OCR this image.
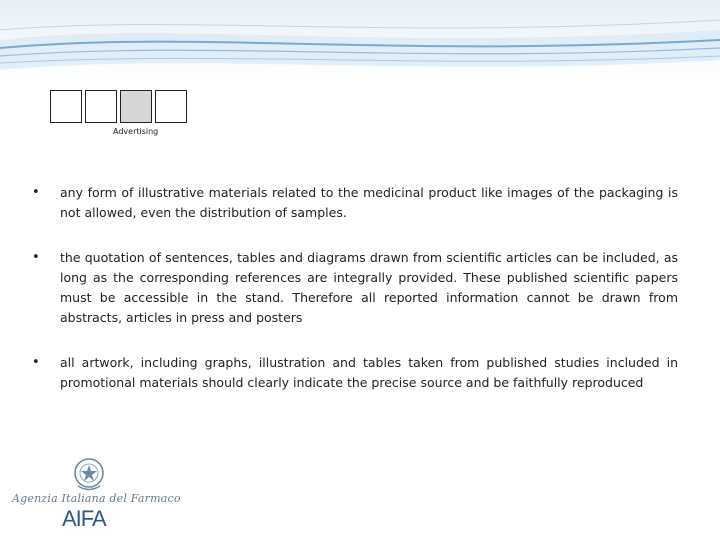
Advertising
• any form of illustrative materials related to the medicinal product like images of the packaging is not allowed, even the distribution of samples.
• the quotation of sentences, tables and diagrams drawn from scientific articles can be included, as long as the corresponding references are integrally provided. These published scientific papers must be accessible in the stand. Therefore all reported information cannot be drawn from abstracts, articles in press and posters
• all artwork, including graphs, illustration and tables taken from published studies included in promotional materials should clearly indicate the precise source and be faithfully reproduced
Agenzia Italiana del Farmaco
AIFA
